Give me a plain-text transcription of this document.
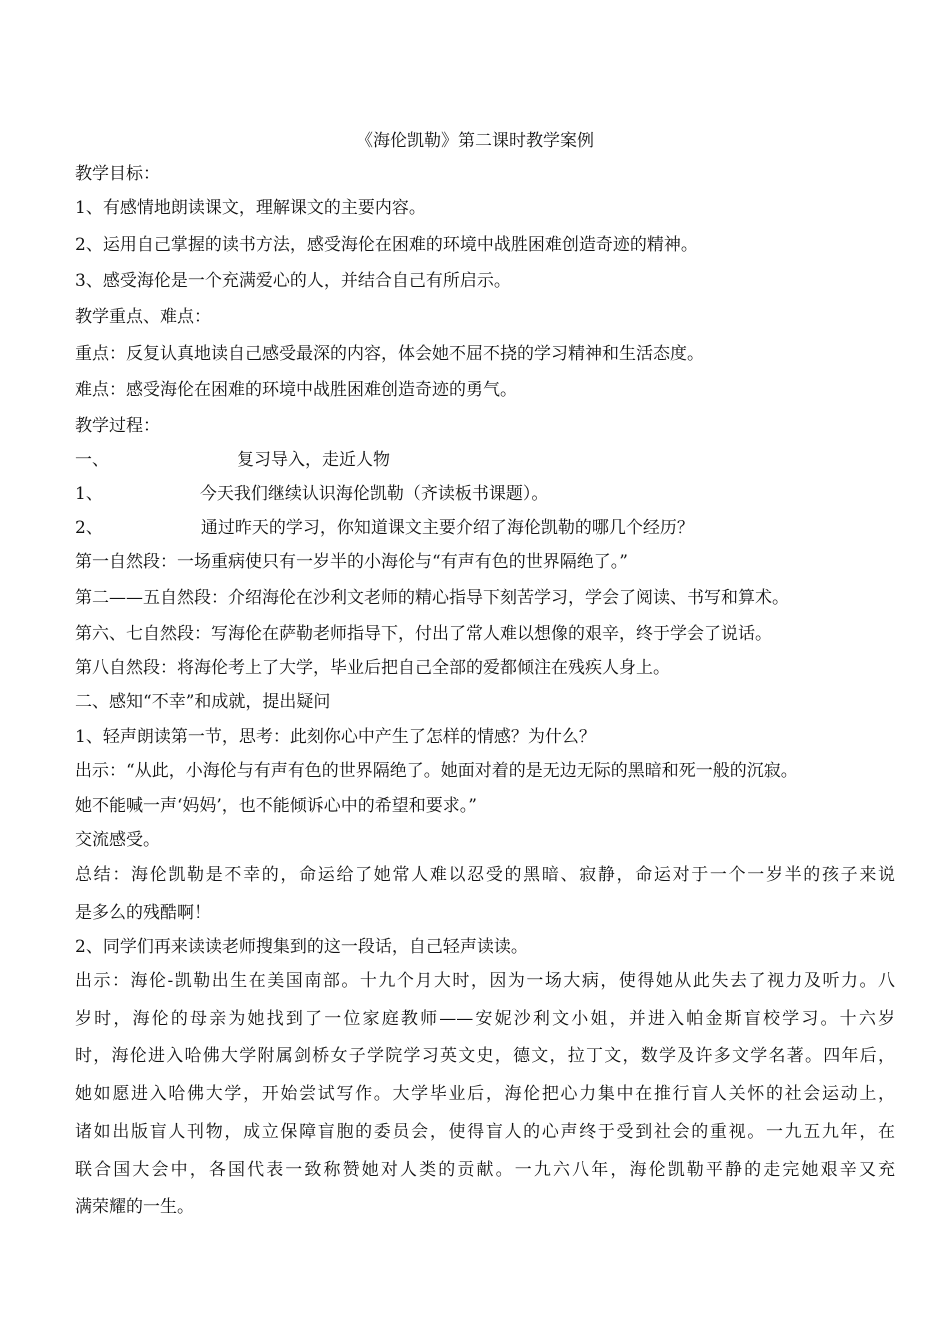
《海伦凯勒》第二课时教学案例
教学目标：
1、有感情地朗读课文，理解课文的主要内容。
2、运用自己掌握的读书方法，感受海伦在困难的环境中战胜困难创造奇迹的精神。
3、感受海伦是一个充满爱心的人，并结合自己有所启示。
教学重点、难点：
重点：反复认真地读自己感受最深的内容，体会她不屈不挠的学习精神和生活态度。
难点：感受海伦在困难的环境中战胜困难创造奇迹的勇气。
教学过程：
一、	复习导入，走近人物
1、	今天我们继续认识海伦凯勒（齐读板书课题）。
2、	通过昨天的学习，你知道课文主要介绍了海伦凯勒的哪几个经历？
第一自然段：一场重病使只有一岁半的小海伦与“有声有色的世界隔绝了。”
第二——五自然段：介绍海伦在沙利文老师的精心指导下刻苦学习，学会了阅读、书写和算术。
第六、七自然段：写海伦在萨勒老师指导下，付出了常人难以想像的艰辛，终于学会了说话。
第八自然段：将海伦考上了大学，毕业后把自己全部的爱都倾注在残疾人身上。
二、感知“不幸”和成就，提出疑问
1、轻声朗读第一节，思考：此刻你心中产生了怎样的情感？为什么？
出示：“从此，小海伦与有声有色的世界隔绝了。她面对着的是无边无际的黑暗和死一般的沉寂。
她不能喊一声‘妈妈’，也不能倾诉心中的希望和要求。”
交流感受。
总结：海伦凯勒是不幸的，命运给了她常人难以忍受的黑暗、寂静，命运对于一个一岁半的孩子来说
是多么的残酷啊！
2、同学们再来读读老师搜集到的这一段话，自己轻声读读。
出示：海伦-凯勒出生在美国南部。十九个月大时，因为一场大病，使得她从此失去了视力及听力。八
岁时，海伦的母亲为她找到了一位家庭教师——安妮沙利文小姐，并进入帕金斯盲校学习。十六岁
时，海伦进入哈佛大学附属剑桥女子学院学习英文史，德文，拉丁文，数学及许多文学名著。四年后，
她如愿进入哈佛大学，开始尝试写作。大学毕业后，海伦把心力集中在推行盲人关怀的社会运动上，
诸如出版盲人刊物，成立保障盲胞的委员会，使得盲人的心声终于受到社会的重视。一九五九年，在
联合国大会中，各国代表一致称赞她对人类的贡献。一九六八年，海伦凯勒平静的走完她艰辛又充
满荣耀的一生。
